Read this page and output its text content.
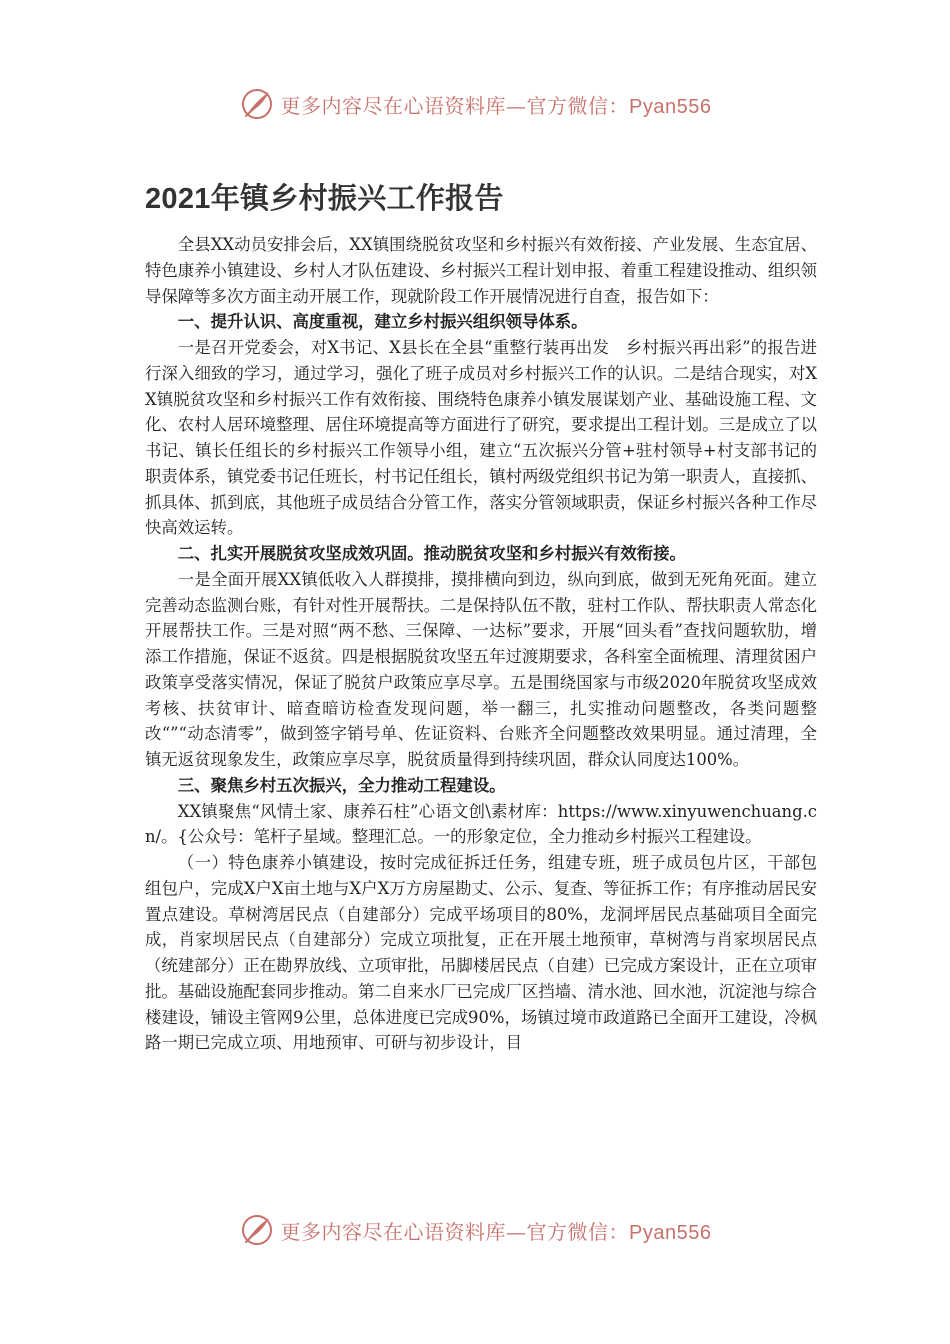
更多内容尽在心语资料库—官方微信：Pyan556
2021年镇乡村振兴工作报告

全县XX动员安排会后，XX镇围绕脱贫攻坚和乡村振兴有效衔接、产业发展、生态宜居、特色康养小镇建设、乡村人才队伍建设、乡村振兴工程计划申报、着重工程建设推动、组织领导保障等多次方面主动开展工作，现就阶段工作开展情况进行自查，报告如下：

一、提升认识、高度重视，建立乡村振兴组织领导体系。

一是召开党委会，对X书记、X县长在全县“重整行装再出发　乡村振兴再出彩”的报告进行深入细致的学习，通过学习，强化了班子成员对乡村振兴工作的认识。二是结合现实，对XX镇脱贫攻坚和乡村振兴工作有效衔接、围绕特色康养小镇发展谋划产业、基础设施工程、文化、农村人居环境整理、居住环境提高等方面进行了研究，要求提出工程计划。三是成立了以书记、镇长任组长的乡村振兴工作领导小组，建立“五次振兴分管+驻村领导+村支部书记的职责体系，镇党委书记任班长，村书记任组长，镇村两级党组织书记为第一职责人，直接抓、抓具体、抓到底，其他班子成员结合分管工作，落实分管领域职责，保证乡村振兴各种工作尽快高效运转。

二、扎实开展脱贫攻坚成效巩固。推动脱贫攻坚和乡村振兴有效衔接。

一是全面开展XX镇低收入人群摸排，摸排横向到边，纵向到底，做到无死角死面。建立完善动态监测台账，有针对性开展帮扶。二是保持队伍不散，驻村工作队、帮扶职责人常态化开展帮扶工作。三是对照“两不愁、三保障、一达标”要求，开展“回头看”查找问题软肋，增添工作措施，保证不返贫。四是根据脱贫攻坚五年过渡期要求，各科室全面梳理、清理贫困户政策享受落实情况，保证了脱贫户政策应享尽享。五是围绕国家与市级2020年脱贫攻坚成效考核、扶贫审计、暗查暗访检查发现问题，举一翻三，扎实推动问题整改，各类问题整改“”“动态清零”，做到签字销号单、佐证资料、台账齐全问题整改效果明显。通过清理，全镇无返贫现象发生，政策应享尽享，脱贫质量得到持续巩固，群众认同度达100%。

三、聚焦乡村五次振兴，全力推动工程建设。

XX镇聚焦“风情土家、康养石柱”心语文创\素材库：https://www.xinyuwenchuang.cn/。{公众号：笔杆子星域。整理汇总。一的形象定位，全力推动乡村振兴工程建设。

（一）特色康养小镇建设，按时完成征拆迁任务，组建专班，班子成员包片区，干部包组包户，完成X户X亩土地与X户X万方房屋勘丈、公示、复查、等征拆工作；有序推动居民安置点建设。草树湾居民点（自建部分）完成平场项目的80%，龙洞坪居民点基础项目全面完成，肖家坝居民点（自建部分）完成立项批复，正在开展土地预审，草树湾与肖家坝居民点（统建部分）正在勘界放线、立项审批，吊脚楼居民点（自建）已完成方案设计，正在立项审批。基础设施配套同步推动。第二自来水厂已完成厂区挡墙、清水池、回水池，沉淀池与综合楼建设，铺设主管网9公里，总体进度已完成90%，场镇过境市政道路已全面开工建设，冷枫路一期已完成立项、用地预审、可研与初步设计，目

更多内容尽在心语资料库—官方微信：Pyan556
